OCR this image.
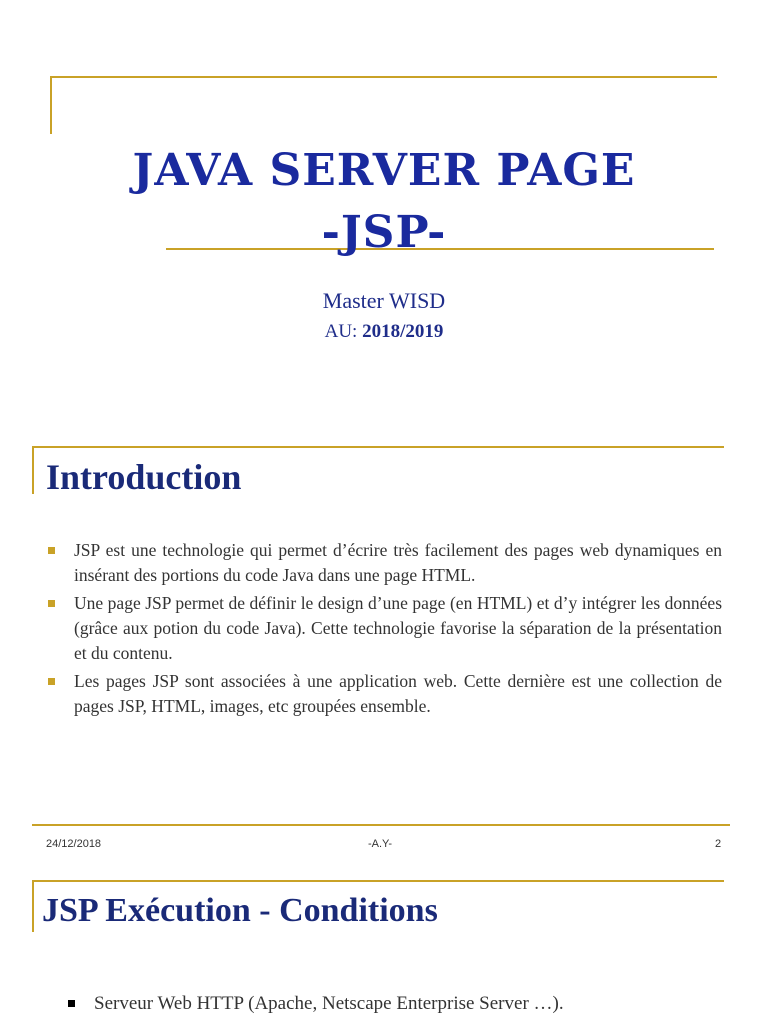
JAVA SERVER PAGE
-JSP-
Master WISD
AU: 2018/2019
Introduction
JSP est une technologie qui permet d’écrire très facilement des pages web dynamiques en insérant des portions du code Java dans une page HTML.
Une page JSP permet de définir le design d’une page (en HTML) et d’y intégrer les données (grâce aux potion du code Java). Cette technologie favorise la séparation de la présentation et du contenu.
Les pages JSP sont associées à une application web. Cette dernière est une collection de pages JSP, HTML, images, etc groupées ensemble.
24/12/2018	-A.Y-	2
JSP Exécution - Conditions
Serveur Web HTTP (Apache, Netscape Enterprise Server …).
